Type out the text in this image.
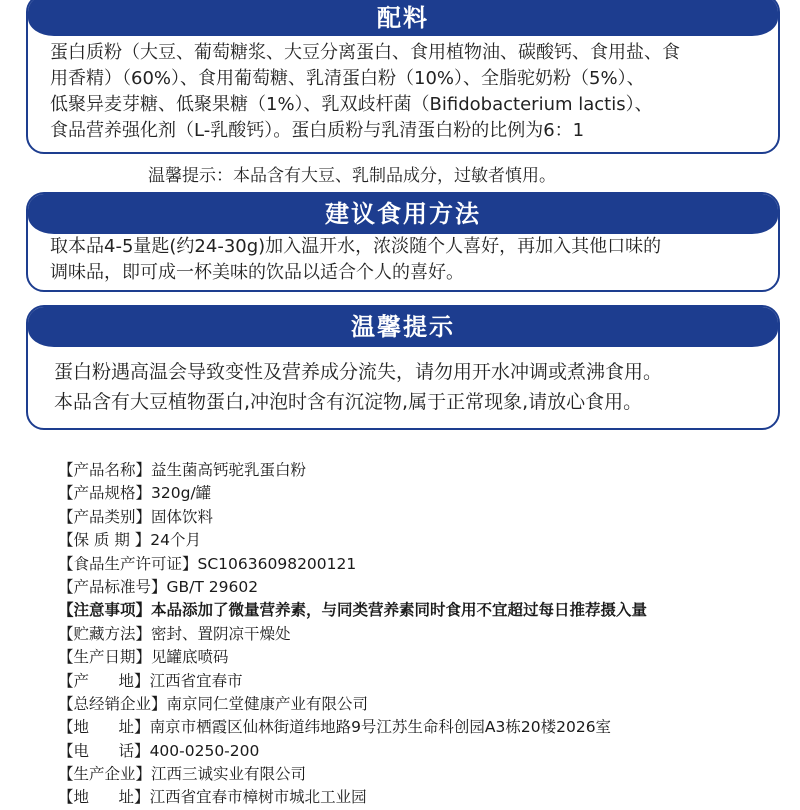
配料
蛋白质粉（大豆、葡萄糖浆、大豆分离蛋白、食用植物油、碳酸钙、食用盐、食
用香精）（60%）、食用葡萄糖、乳清蛋白粉（10%）、全脂驼奶粉（5%）、
低聚异麦芽糖、低聚果糖（1%）、乳双歧杆菌（Bifidobacterium lactis）、
食品营养强化剂（L-乳酸钙）。蛋白质粉与乳清蛋白粉的比例为6：1
温馨提示：本品含有大豆、乳制品成分，过敏者慎用。
建议食用方法
取本品4-5量匙(约24-30g)加入温开水，浓淡随个人喜好，再加入其他口味的
调味品，即可成一杯美味的饮品以适合个人的喜好。
温馨提示
蛋白粉遇高温会导致变性及营养成分流失，请勿用开水冲调或煮沸食用。
本品含有大豆植物蛋白,冲泡时含有沉淀物,属于正常现象,请放心食用。
【产品名称】益生菌高钙驼乳蛋白粉
【产品规格】320g/罐
【产品类别】固体饮料
【保 质 期 】24个月
【食品生产许可证】SC10636098200121
【产品标准号】GB/T 29602
【注意事项】本品添加了微量营养素，与同类营养素同时食用不宜超过每日推荐摄入量
【贮藏方法】密封、置阴凉干燥处
【生产日期】见罐底喷码
【产      地】江西省宜春市
【总经销企业】南京同仁堂健康产业有限公司
【地      址】南京市栖霞区仙林街道纬地路9号江苏生命科创园A3栋20楼2026室
【电      话】400-0250-200
【生产企业】江西三诚实业有限公司
【地      址】江西省宜春市樟树市城北工业园
